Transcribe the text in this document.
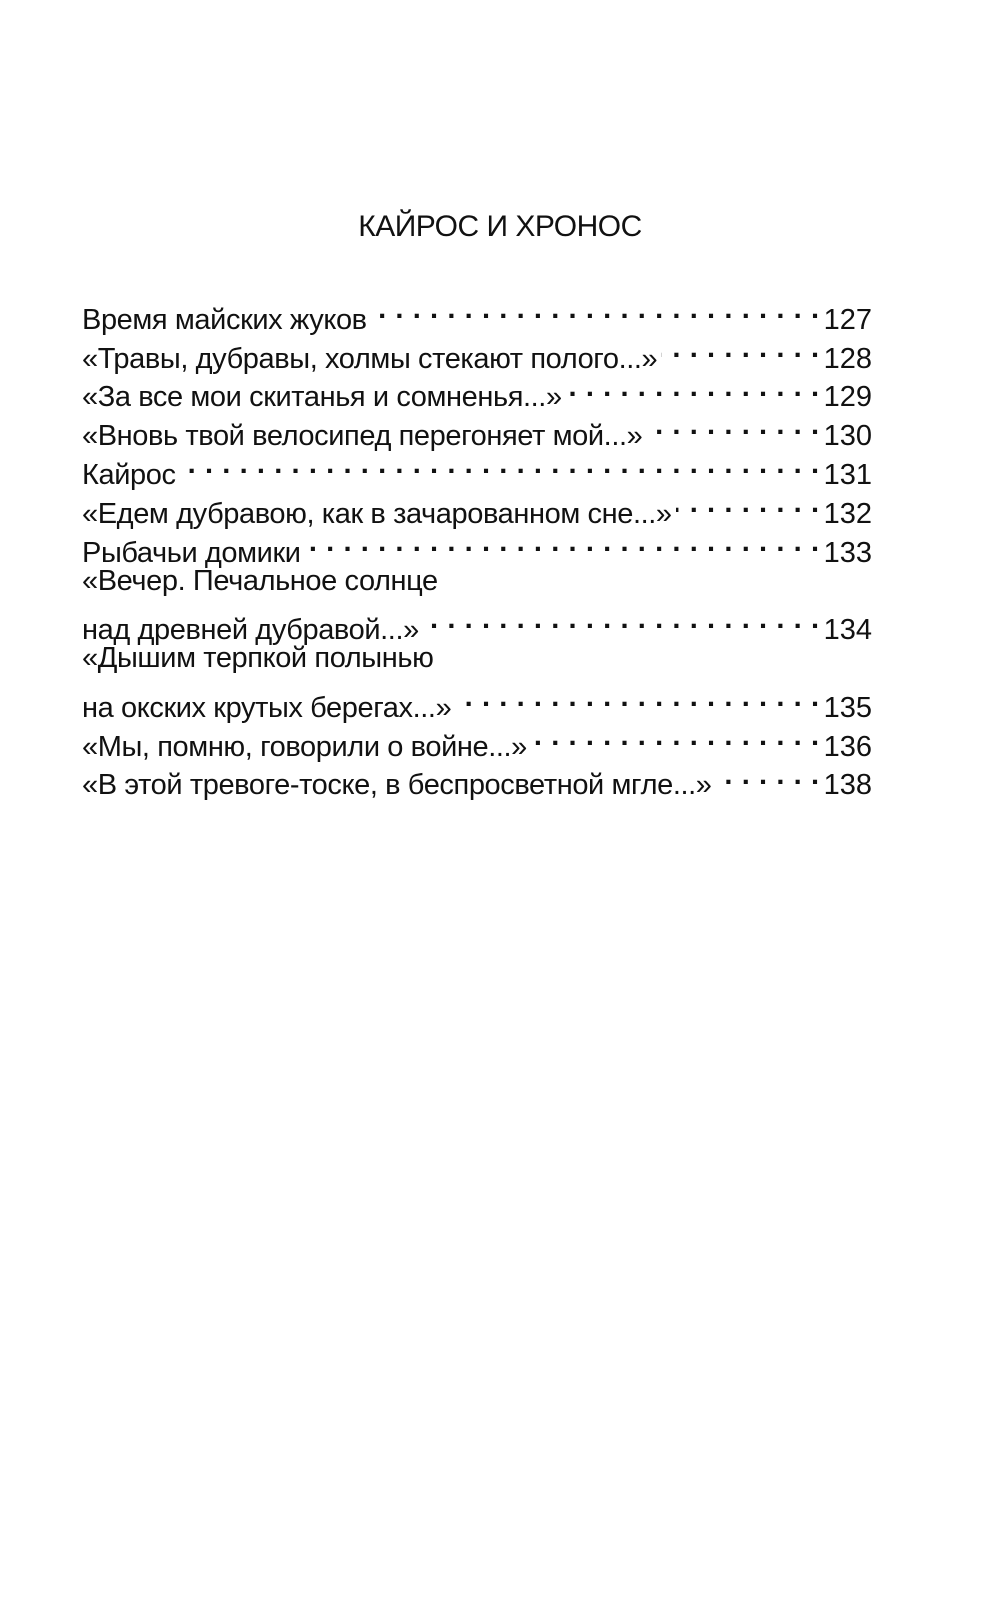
КАЙРОС И ХРОНОС
Время майских жуков . . .	127
«Травы, дубравы, холмы стекают полого...» . . .	128
«За все мои скитанья и сомненья...» . . .	129
«Вновь твой велосипед перегоняет мой...» . . .	130
Кайрос . . .	131
«Едем дубравою, как в зачарованном сне...» . . .	132
Рыбачьи домики . . .	133
«Вечер. Печальное солнце
над древней дубравой...» . . .	134
«Дышим терпкой полынью
на окских крутых берегах...» . . .	135
«Мы, помню, говорили о войне...» . . .	136
«В этой тревоге-тоске, в беспросветной мгле...» . . .	138
